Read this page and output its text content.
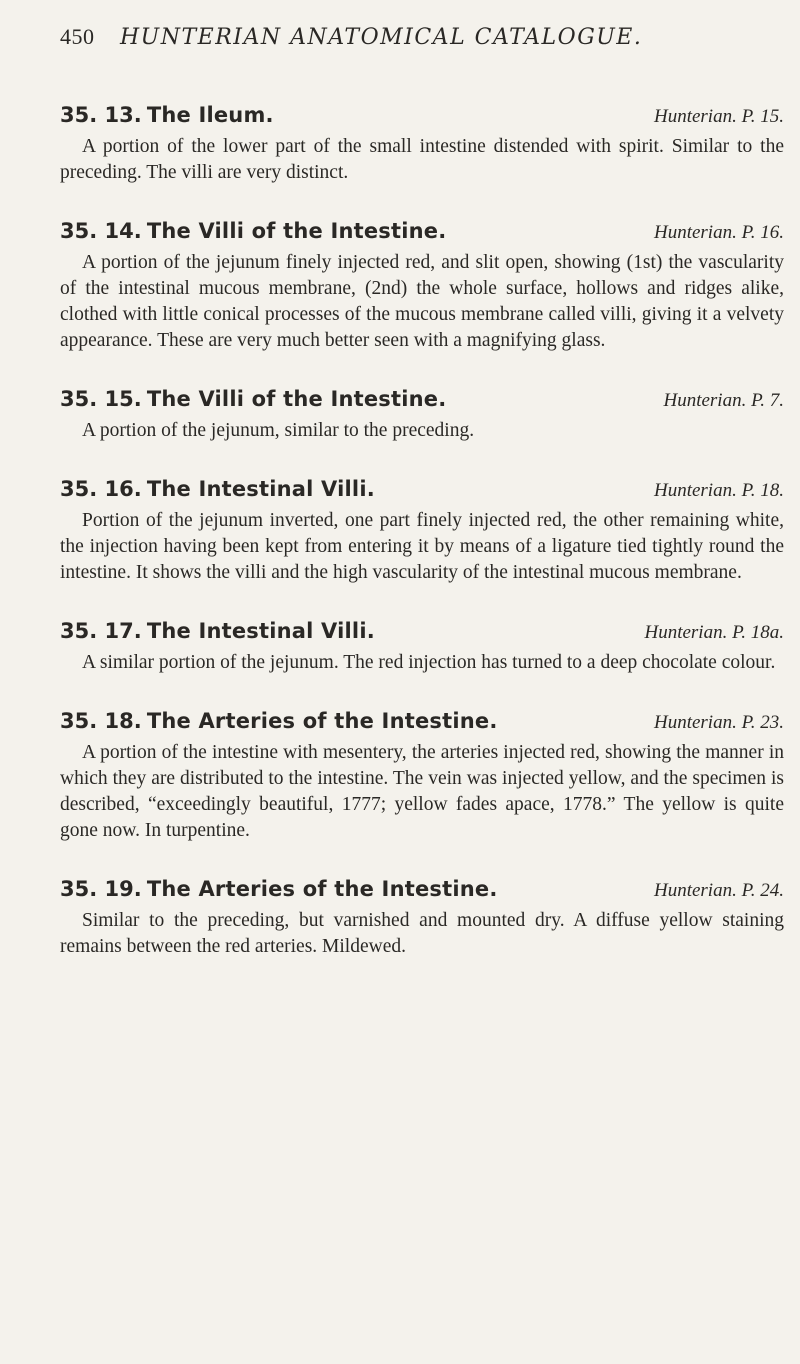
450 HUNTERIAN ANATOMICAL CATALOGUE.
35. 13. The Ileum.	Hunterian. P. 15.

A portion of the lower part of the small intestine distended with spirit. Similar to the preceding. The villi are very distinct.

35. 14. The Villi of the Intestine.	Hunterian. P. 16.

A portion of the jejunum finely injected red, and slit open, showing (1st) the vascularity of the intestinal mucous membrane, (2nd) the whole surface, hollows and ridges alike, clothed with little conical processes of the mucous membrane called villi, giving it a velvety appearance. These are very much better seen with a magnifying glass.

35. 15. The Villi of the Intestine.	Hunterian. P. 7.

A portion of the jejunum, similar to the preceding.

35. 16. The Intestinal Villi.	Hunterian. P. 18.

Portion of the jejunum inverted, one part finely injected red, the other remaining white, the injection having been kept from entering it by means of a ligature tied tightly round the intestine. It shows the villi and the high vascularity of the intestinal mucous membrane.

35. 17. The Intestinal Villi.	Hunterian. P. 18a.

A similar portion of the jejunum. The red injection has turned to a deep chocolate colour.

35. 18. The Arteries of the Intestine.	Hunterian. P. 23.

A portion of the intestine with mesentery, the arteries injected red, showing the manner in which they are distributed to the intestine. The vein was injected yellow, and the specimen is described, “exceedingly beautiful, 1777; yellow fades apace, 1778.” The yellow is quite gone now. In turpentine.

35. 19. The Arteries of the Intestine.	Hunterian. P. 24.

Similar to the preceding, but varnished and mounted dry. A diffuse yellow staining remains between the red arteries. Mildewed.
